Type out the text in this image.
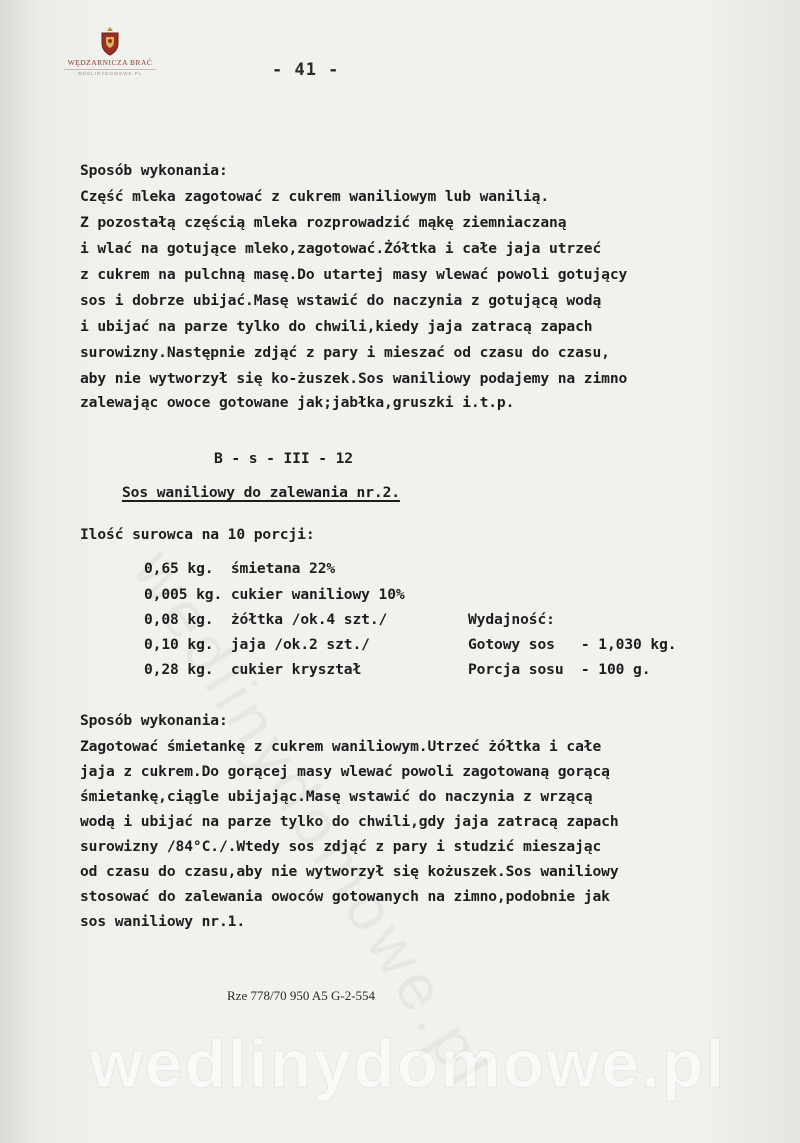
WĘDZARNICZA BRAĆ
WEDLINYDOMOWE.PL	- 41 -
Sposób wykonania:
Część mleka zagotować z cukrem waniliowym lub wanilią.
Z pozostałą częścią mleka rozprowadzić mąkę ziemniaczaną
i wlać na gotujące mleko,zagotować.Żółtka i całe jaja utrzeć
z cukrem na pulchną masę.Do utartej masy wlewać powoli gotujący
sos i dobrze ubijać.Masę wstawić do naczynia z gotującą wodą
i ubijać na parze tylko do chwili,kiedy jaja zatracą zapach
surowizny.Następnie zdjąć z pary i mieszać od czasu do czasu,
aby nie wytworzył się ko-żuszek.Sos waniliowy podajemy na zimno
zalewając owoce gotowane jak;jabłka,gruszki i.t.p.
B - s - III - 12
Sos waniliowy do zalewania nr.2.
Ilość surowca na 10 porcji:
0,65 kg.  śmietana 22%
0,005 kg. cukier waniliowy 10%
0,08 kg.  żółtka /ok.4 szt./
0,10 kg.  jaja /ok.2 szt./
0,28 kg.  cukier kryształ
Wydajność:
Gotowy sos   - 1,030 kg.
Porcja sosu  - 100 g.
Sposób wykonania:
Zagotować śmietankę z cukrem waniliowym.Utrzeć żółtka i całe
jaja z cukrem.Do gorącej masy wlewać powoli zagotowaną gorącą
śmietankę,ciągle ubijając.Masę wstawić do naczynia z wrzącą
wodą i ubijać na parze tylko do chwili,gdy jaja zatracą zapach
surowizny /84°C./.Wtedy sos zdjąć z pary i studzić mieszając
od czasu do czasu,aby nie wytworzył się kożuszek.Sos waniliowy
stosować do zalewania owoców gotowanych na zimno,podobnie jak
sos waniliowy nr.1.
Rze 778/70 950 A5 G-2-554
wedlinydomowe.pl
